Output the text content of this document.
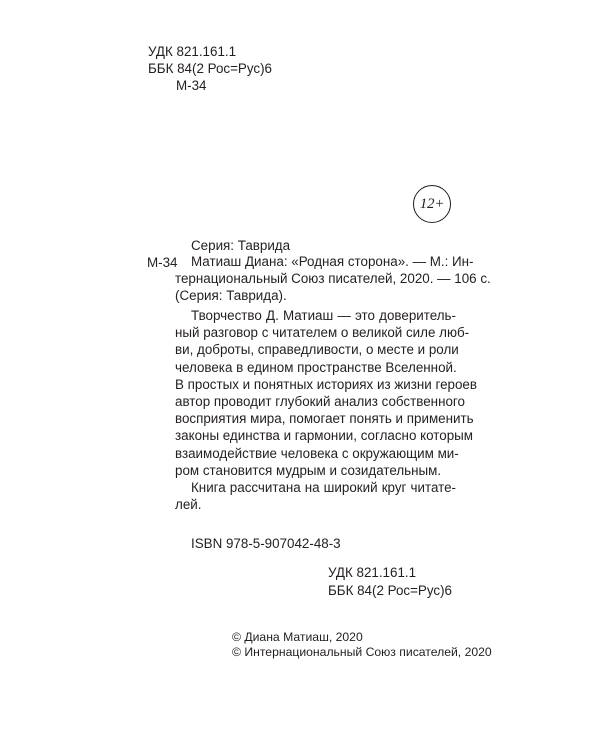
УДК 821.161.1
ББК 84(2 Рос=Рус)6
М-34
12+
Серия: Таврида
М-34	Матиаш Диана: «Родная сторона». — М.: Ин-
тернациональный Союз писателей, 2020. — 106 с.
(Серия: Таврида).
Творчество Д. Матиаш — это доверитель-
ный разговор с читателем о великой силе люб-
ви, доброты, справедливости, о месте и роли
человека в едином пространстве Вселенной.
В простых и понятных историях из жизни героев
автор проводит глубокий анализ собственного
восприятия мира, помогает понять и применить
законы единства и гармонии, согласно которым
взаимодействие человека с окружающим ми-
ром становится мудрым и созидательным.
Книга рассчитана на широкий круг читате-
лей.
ISBN 978-5-907042-48-3
УДК 821.161.1
ББК 84(2 Рос=Рус)6
© Диана Матиаш, 2020
© Интернациональный Союз писателей, 2020
